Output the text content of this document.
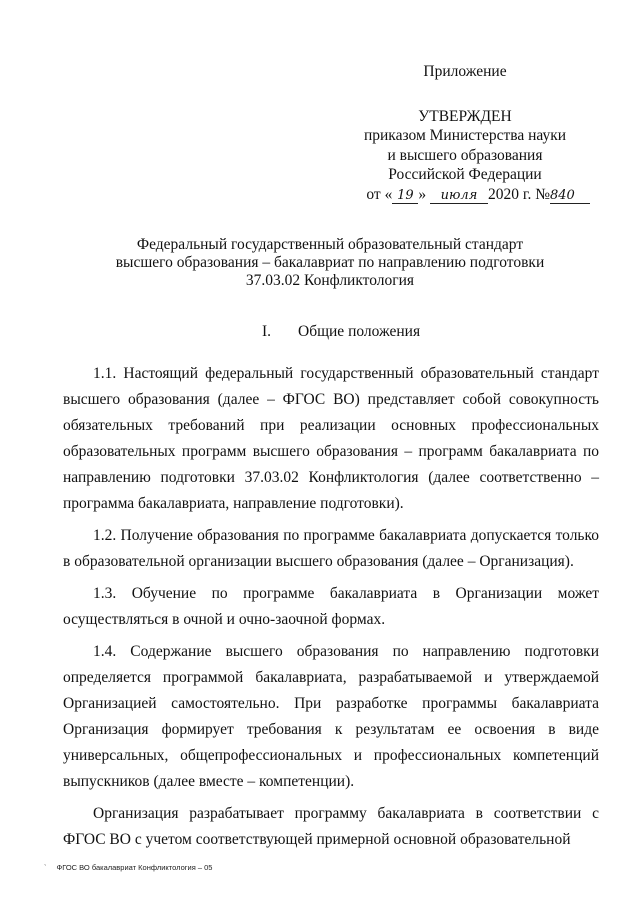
Приложение
УТВЕРЖДЕН
приказом Министерства науки
и высшего образования
Российской Федерации
от « 19 » июля 2020 г. №840
Федеральный государственный образовательный стандарт
высшего образования – бакалавриат по направлению подготовки
37.03.02 Конфликтология
I. Общие положения

1.1. Настоящий федеральный государственный образовательный стандарт высшего образования (далее – ФГОС ВО) представляет собой совокупность обязательных требований при реализации основных профессиональных образовательных программ высшего образования – программ бакалавриата по направлению подготовки 37.03.02 Конфликтология (далее соответственно – программа бакалавриата, направление подготовки).

1.2. Получение образования по программе бакалавриата допускается только в образовательной организации высшего образования (далее – Организация).

1.3. Обучение по программе бакалавриата в Организации может осуществляться в очной и очно-заочной формах.

1.4. Содержание высшего образования по направлению подготовки определяется программой бакалавриата, разрабатываемой и утверждаемой Организацией самостоятельно. При разработке программы бакалавриата Организация формирует требования к результатам ее освоения в виде универсальных, общепрофессиональных и профессиональных компетенций выпускников (далее вместе – компетенции).

Организация разрабатывает программу бакалавриата в соответствии с ФГОС ВО с учетом соответствующей примерной основной образовательной

` ФГОС ВО бакалавриат Конфликтология – 05
